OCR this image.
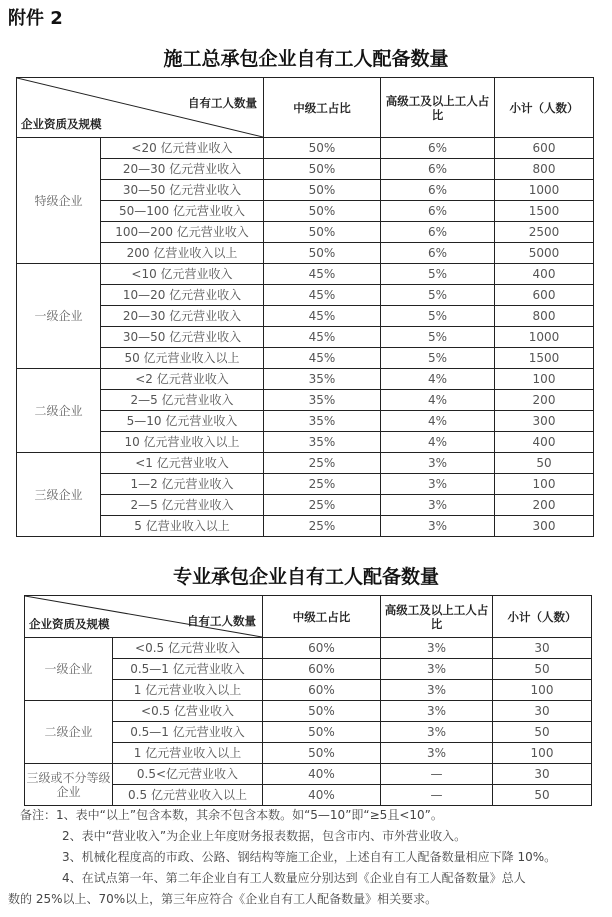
附件 2
施工总承包企业自有工人配备数量
自有工人数量
企业资质及规模		中级工占比	高级工及以上工人占比	小计（人数）
特级企业	<20 亿元营业收入	50%	6%	600
	20—30 亿元营业收入	50%	6%	800
	30—50 亿元营业收入	50%	6%	1000
	50—100 亿元营业收入	50%	6%	1500
	100—200 亿元营业收入	50%	6%	2500
	200 亿营业收入以上	50%	6%	5000
一级企业	<10 亿元营业收入	45%	5%	400
	10—20 亿元营业收入	45%	5%	600
	20—30 亿元营业收入	45%	5%	800
	30—50 亿元营业收入	45%	5%	1000
	50 亿元营业收入以上	45%	5%	1500
二级企业	<2 亿元营业收入	35%	4%	100
	2—5 亿元营业收入	35%	4%	200
	5—10 亿元营业收入	35%	4%	300
	10 亿元营业收入以上	35%	4%	400
三级企业	<1 亿元营业收入	25%	3%	50
	1—2 亿元营业收入	25%	3%	100
	2—5 亿元营业收入	25%	3%	200
	5 亿营业收入以上	25%	3%	300
专业承包企业自有工人配备数量
自有工人数量
企业资质及规模		中级工占比	高级工及以上工人占比	小计（人数）
一级企业	<0.5 亿元营业收入	60%	3%	30
	0.5—1 亿元营业收入	60%	3%	50
	1 亿元营业收入以上	60%	3%	100
二级企业	<0.5 亿营业收入	50%	3%	30
	0.5—1 亿元营业收入	50%	3%	50
	1 亿元营业收入以上	50%	3%	100
三级或不分等级企业	0.5<亿元营业收入	40%	—	30
	0.5 亿元营业收入以上	40%	—	50
备注：1、表中“以上”包含本数，其余不包含本数。如“5—10”即“≥5且<10”。
2、表中“营业收入”为企业上年度财务报表数据，包含市内、市外营业收入。
3、机械化程度高的市政、公路、钢结构等施工企业，上述自有工人配备数量相应下降 10%。
4、在试点第一年、第二年企业自有工人数量应分别达到《企业自有工人配备数量》总人
数的 25%以上、70%以上，第三年应符合《企业自有工人配备数量》相关要求。
